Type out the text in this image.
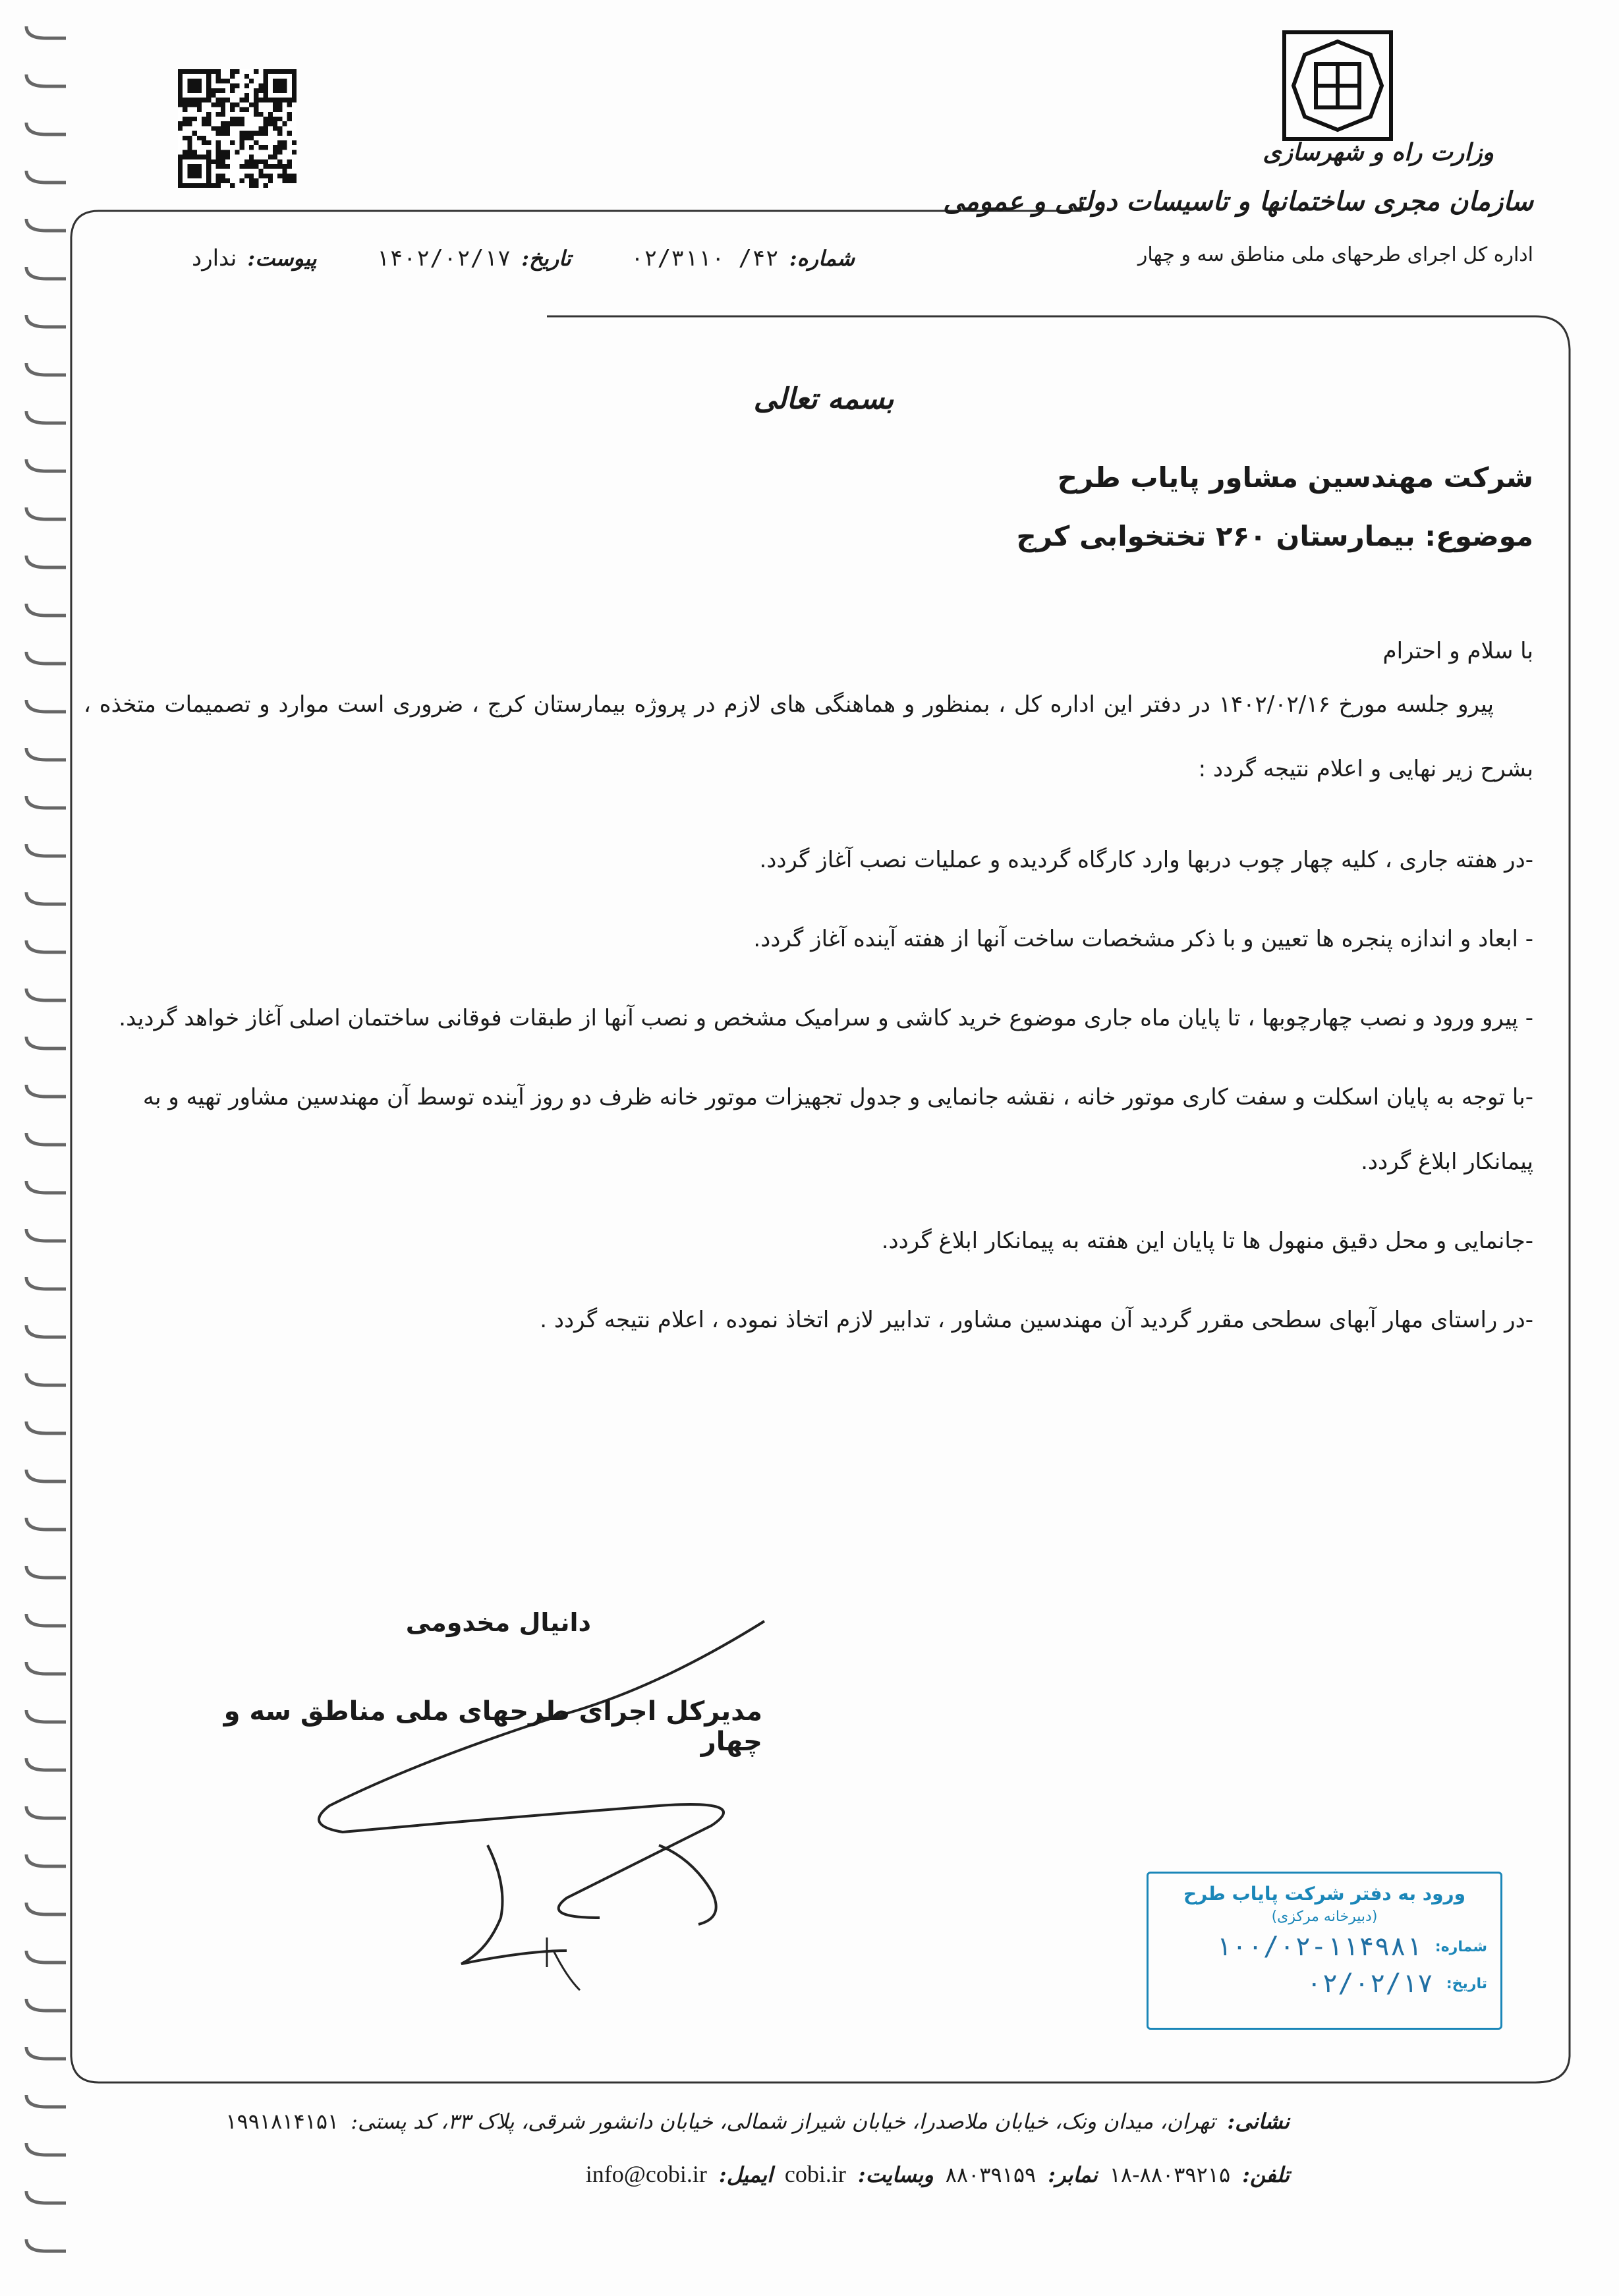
وزارت راه و شهرسازی
سازمان مجری ساختمانها و تاسیسات دولتی و عمومی
اداره کل اجرای طرحهای ملی مناطق سه و چهار
شماره:
۴۲/ ۰۲/۳۱۱۰
تاریخ:
۱۴۰۲/۰۲/۱۷
پیوست:
ندارد
بسمه تعالی

شرکت مهندسین مشاور پایاب طرح

موضوع: بیمارستان ۲۶۰ تختخوابی کرج

با سلام و احترام

پیرو جلسه مورخ ۱۴۰۲/۰۲/۱۶ در دفتر این اداره کل ، بمنظور و هماهنگی های لازم در پروژه بیمارستان کرج ، ضروری است موارد و تصمیمات متخذه ، بشرح زیر نهایی و اعلام نتیجه گردد :

-در هفته جاری ، کلیه چهار چوب دربها وارد کارگاه گردیده و عملیات نصب آغاز گردد.

- ابعاد و اندازه پنجره ها تعیین و با ذکر مشخصات ساخت آنها از هفته آینده آغاز گردد.

- پیرو ورود و نصب چهارچوبها ، تا پایان ماه جاری موضوع خرید کاشی و سرامیک مشخص و نصب آنها از طبقات فوقانی ساختمان اصلی آغاز خواهد گردید.

-با توجه به پایان اسکلت و سفت کاری موتور خانه ، نقشه جانمایی و جدول تجهیزات موتور خانه ظرف دو روز آینده توسط آن مهندسین مشاور تهیه و به پیمانکار ابلاغ گردد.

-جانمایی و محل دقیق منهول ها تا پایان این هفته به پیمانکار ابلاغ گردد.

-در راستای مهار آبهای سطحی مقرر گردید آن مهندسین مشاور ، تدابیر لازم اتخاذ نموده ، اعلام نتیجه گردد .

دانیال مخدومی
مدیرکل اجرای طرحهای ملی مناطق سه و چهار
ورود به دفتر شرکت پایاب طرح
(دبیرخانه مرکزی)
شماره:
۱۰۰/۰۲-۱۱۴۹۸۱
تاریخ:
۰۲/۰۲/۱۷
نشانی:
تهران، میدان ونک، خیابان ملاصدرا، خیابان شیراز شمالی، خیابان دانشور شرقی، پلاک ۳۳، کد پستی:
۱۹۹۱۸۱۴۱۵۱
تلفن:
۱۸-۸۸۰۳۹۲۱۵
نمابر:
۸۸۰۳۹۱۵۹
وبسایت:
cobi.ir
ایمیل:
info@cobi.ir
